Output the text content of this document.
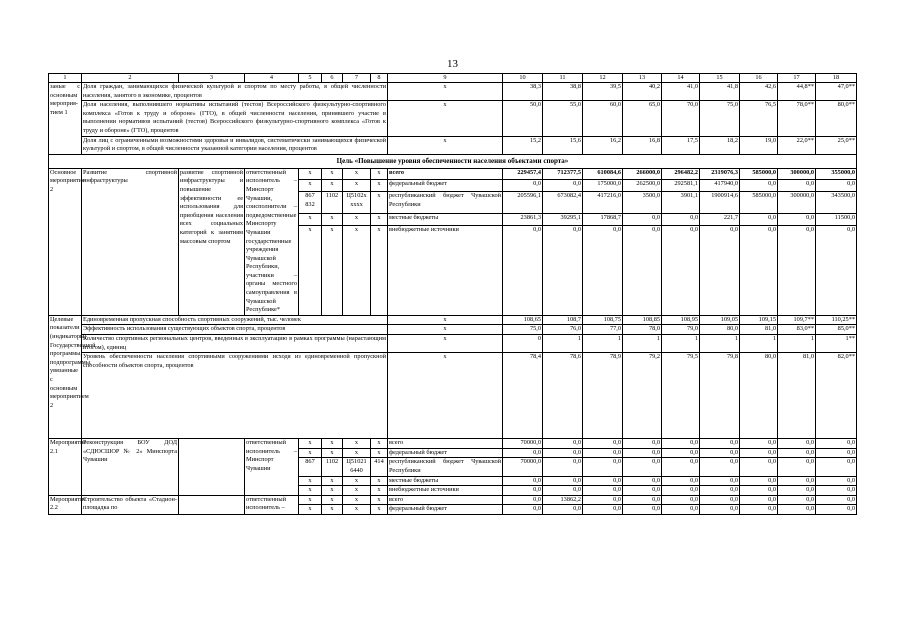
13
1	2	3	4	5	6	7	8	9	10	11	12	13	14	15	16	17	18
заные с основным мероприя-тием 1	Доля граждан, занимающихся физической культурой и спортом по месту работы, в общей численности населения, занятого в экономике, процентов							x	38,3	38,8	39,5	40,2	41,0	41,8	42,6	44,8**	47,0**
	Доля населения, выполнившего нормативы испытаний (тестов) Всероссийского физкультурно-спортивного комплекса «Готов к труду и обороне» (ГТО), в общей численности населения, принявшего участие в выполнении нормативов испытаний (тестов) Всероссийского физкультурно-спортивного комплекса «Готов к труду и обороне» (ГТО), процентов							x	50,0	55,0	60,0	65,0	70,0	75,0	76,5	78,0**	80,0**
	Доля лиц с ограниченными возможностями здоровья и инвалидов, систематически занимающихся физической культурой и спортом, в общей численности указанной категории населения, процентов							x	15,2	15,6	16,2	16,8	17,5	18,2	19,0	22,0**	25,0**
Цель «Повышение уровня обеспеченности населения объектами спорта»																	
Основное мероприятие 2	Развитие спортивной инфраструктуры	развитие спортивной инфраструктуры и повышение эффективности ее использования для приобщения населения всех социальных категорий к занятиям массовым спортом	ответственный исполнитель – Минспорт Чувашии, соисполнители – подведомственные Минспорту Чувашии государственные учреждения Чувашской Республики, участники – органы местного самоуправления в Чувашской Республике*	x	x	x	x	всего	229457,4	712377,5	610084,6	266000,0	296482,2	2319076,3	585000,0	300000,0	355000,0
				x	x	x	x	федеральный бюджет	0,0	0,0	175000,0	262500,0	292581,1	417940,0	0,0	0,0	0,0
				867 832	1102	Ц5102х xxxx	x	республиканский бюджет Чувашской Республики	205596,1	673082,4	417216,0	3500,0	3901,1	1900914,6	585000,0	300000,0	343500,0
				x	x	x	x	местные бюджеты	23861,3	39295,1	17868,7	0,0	0,0	221,7	0,0	0,0	11500,0
				x	x	x	x	внебюджетные источники	0,0	0,0	0,0	0,0	0,0	0,0	0,0	0,0	0,0
Целевые показатели (индикаторы) Государственной программы, подпрограммы, увязанные с основным мероприятием 2	Единовременная пропускная способность спортивных сооружений, тыс. человек							x	108,65	108,7	108,75	108,85	108,95	109,05	109,15	109,7**	110,25**
	Эффективность использования существующих объектов спорта, процентов							x	75,0	76,0	77,0	78,0	79,0	80,0	81,0	83,0**	85,0**
	Количество спортивных региональных центров, введенных в эксплуатацию в рамках программы (нарастающим итогом), единиц							x	0	1	1	1	1	1	1	1	1**
	Уровень обеспеченности населения спортивными сооружениями исходя из единовременной пропускной способности объектов спорта, процентов							x	78,4	78,6	78,9	79,2	79,5	79,8	80,0	81,0	82,0**
Мероприятие 2.1	Реконструкция БОУ ДОД «СДЮСШОР № 2» Минспорта Чувашии		ответственный исполнитель – Минспорт Чувашии	x	x	x	x	всего	70000,0	0,0	0,0	0,0	0,0	0,0	0,0	0,0	0,0
				x	x	x	x	федеральный бюджет	0,0	0,0	0,0	0,0	0,0	0,0	0,0	0,0	0,0
				867	1102	Ц51021 6440	414	республиканский бюджет Чувашской Республики	70000,0	0,0	0,0	0,0	0,0	0,0	0,0	0,0	0,0
				x	x	x	x	местные бюджеты	0,0	0,0	0,0	0,0	0,0	0,0	0,0	0,0	0,0
				x	x	x	x	внебюджетные источники	0,0	0,0	0,0	0,0	0,0	0,0	0,0	0,0	0,0
Мероприятие 2.2	Строительство объекта «Стадион-площадка по		ответственный исполнитель –	x	x	x	x	всего	0,0	13862,2	0,0	0,0	0,0	0,0	0,0	0,0	0,0
				x	x	x	x	федеральный бюджет	0,0	0,0	0,0	0,0	0,0	0,0	0,0	0,0	0,0
